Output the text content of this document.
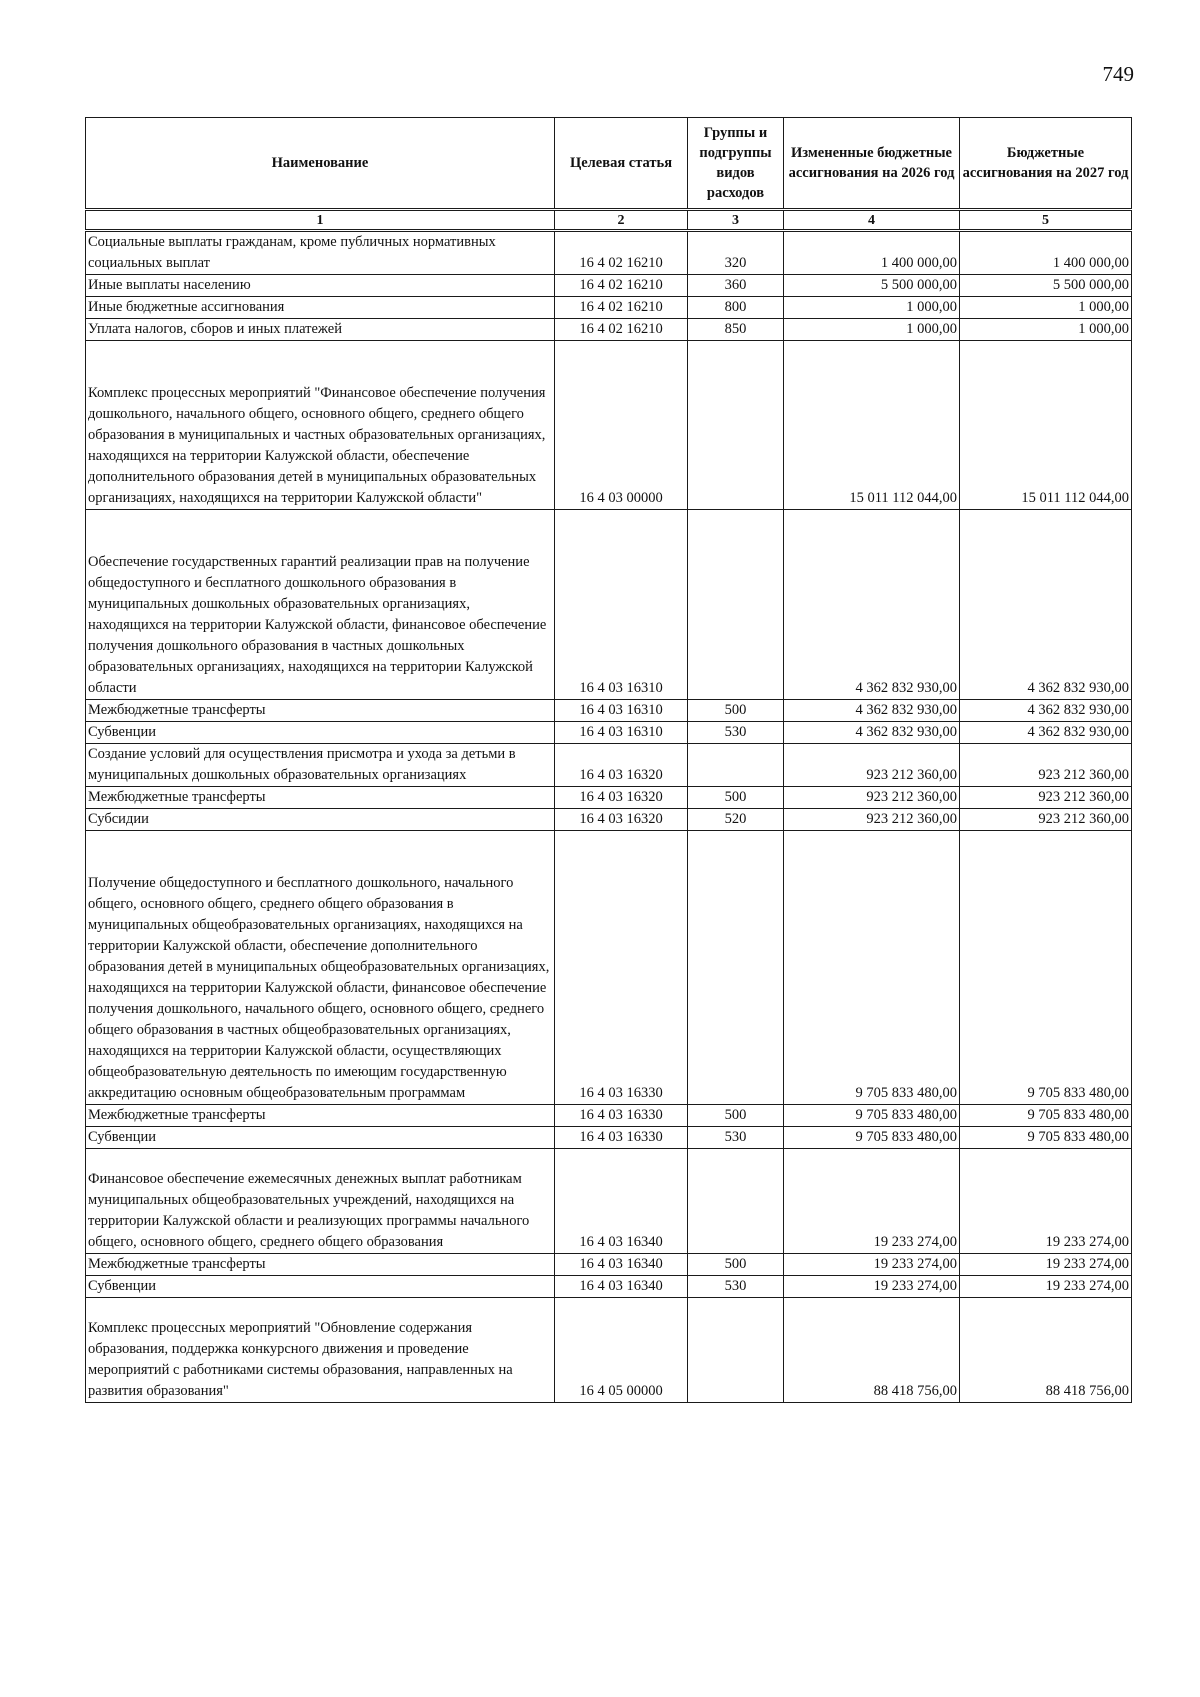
749
Наименование	Целевая статья	Группы и подгруппы видов расходов	Измененные бюджетные ассигнования на 2026 год	Бюджетные ассигнования на 2027 год
1	2	3	4	5
Социальные выплаты гражданам, кроме публичных нормативных социальных выплат	16 4 02 16210	320	1 400 000,00	1 400 000,00
Иные выплаты населению	16 4 02 16210	360	5 500 000,00	5 500 000,00
Иные бюджетные ассигнования	16 4 02 16210	800	1 000,00	1 000,00
Уплата налогов, сборов и иных платежей	16 4 02 16210	850	1 000,00	1 000,00
Комплекс процессных мероприятий "Финансовое обеспечение получения дошкольного, начального общего, основного общего, среднего общего образования в муниципальных и частных образовательных организациях, находящихся на территории Калужской области, обеспечение дополнительного образования детей в муниципальных образовательных организациях, находящихся на территории Калужской области"	16 4 03 00000		15 011 112 044,00	15 011 112 044,00
Обеспечение государственных гарантий реализации прав на получение общедоступного и бесплатного дошкольного образования в муниципальных дошкольных образовательных организациях, находящихся на территории Калужской области, финансовое обеспечение получения дошкольного образования в частных дошкольных образовательных организациях, находящихся на территории Калужской области	16 4 03 16310		4 362 832 930,00	4 362 832 930,00
Межбюджетные трансферты	16 4 03 16310	500	4 362 832 930,00	4 362 832 930,00
Субвенции	16 4 03 16310	530	4 362 832 930,00	4 362 832 930,00
Создание условий для осуществления присмотра и ухода за детьми в муниципальных дошкольных образовательных организациях	16 4 03 16320		923 212 360,00	923 212 360,00
Межбюджетные трансферты	16 4 03 16320	500	923 212 360,00	923 212 360,00
Субсидии	16 4 03 16320	520	923 212 360,00	923 212 360,00
Получение общедоступного и бесплатного дошкольного, начального общего, основного общего, среднего общего образования в муниципальных общеобразовательных организациях, находящихся на территории Калужской области, обеспечение дополнительного образования детей в муниципальных общеобразовательных организациях, находящихся на территории Калужской области, финансовое обеспечение получения дошкольного, начального общего, основного общего, среднего общего образования в частных общеобразовательных организациях, находящихся на территории Калужской области, осуществляющих общеобразовательную деятельность по имеющим государственную аккредитацию основным общеобразовательным программам	16 4 03 16330		9 705 833 480,00	9 705 833 480,00
Межбюджетные трансферты	16 4 03 16330	500	9 705 833 480,00	9 705 833 480,00
Субвенции	16 4 03 16330	530	9 705 833 480,00	9 705 833 480,00
Финансовое обеспечение ежемесячных денежных выплат работникам муниципальных общеобразовательных учреждений, находящихся на территории Калужской области и реализующих программы начального общего, основного общего, среднего общего образования	16 4 03 16340		19 233 274,00	19 233 274,00
Межбюджетные трансферты	16 4 03 16340	500	19 233 274,00	19 233 274,00
Субвенции	16 4 03 16340	530	19 233 274,00	19 233 274,00
Комплекс процессных мероприятий "Обновление содержания образования, поддержка конкурсного движения и проведение мероприятий с работниками системы образования, направленных на развития образования"	16 4 05 00000		88 418 756,00	88 418 756,00
